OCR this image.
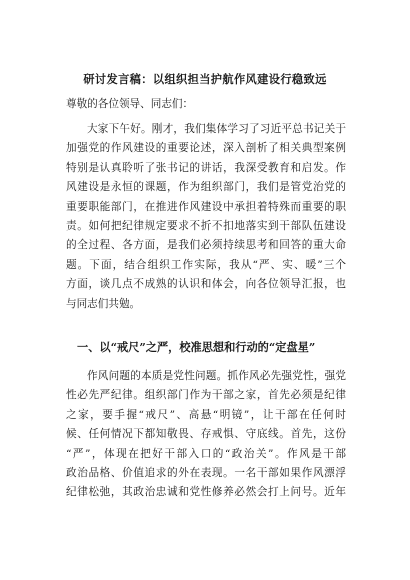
研讨发言稿：以组织担当护航作风建设行稳致远
尊敬的各位领导、同志们：
大家下午好。刚才，我们集体学习了习近平总书记关于
加强党的作风建设的重要论述，深入剖析了相关典型案例
特别是认真聆听了张书记的讲话，我深受教育和启发。作
风建设是永恒的课题，作为组织部门，我们是管党治党的
重要职能部门，在推进作风建设中承担着特殊而重要的职
责。如何把纪律规定要求不折不扣地落实到干部队伍建设
的全过程、各方面，是我们必须持续思考和回答的重大命
题。下面，结合组织工作实际，我从“严、实、暖”三个
方面，谈几点不成熟的认识和体会，向各位领导汇报，也
与同志们共勉。
一、以“戒尺”之严，校准思想和行动的“定盘星”
作风问题的本质是党性问题。抓作风必先强党性，强党
性必先严纪律。组织部门作为干部之家，首先必须是纪律
之家，要手握“戒尺”、高悬“明镜”，让干部在任何时
候、任何情况下都知敬畏、存戒惧、守底线。首先，这份
“严”，体现在把好干部入口的“政治关”。作风是干部
政治品格、价值追求的外在表现。一名干部如果作风漂浮
纪律松弛，其政治忠诚和党性修养必然会打上问号。近年
